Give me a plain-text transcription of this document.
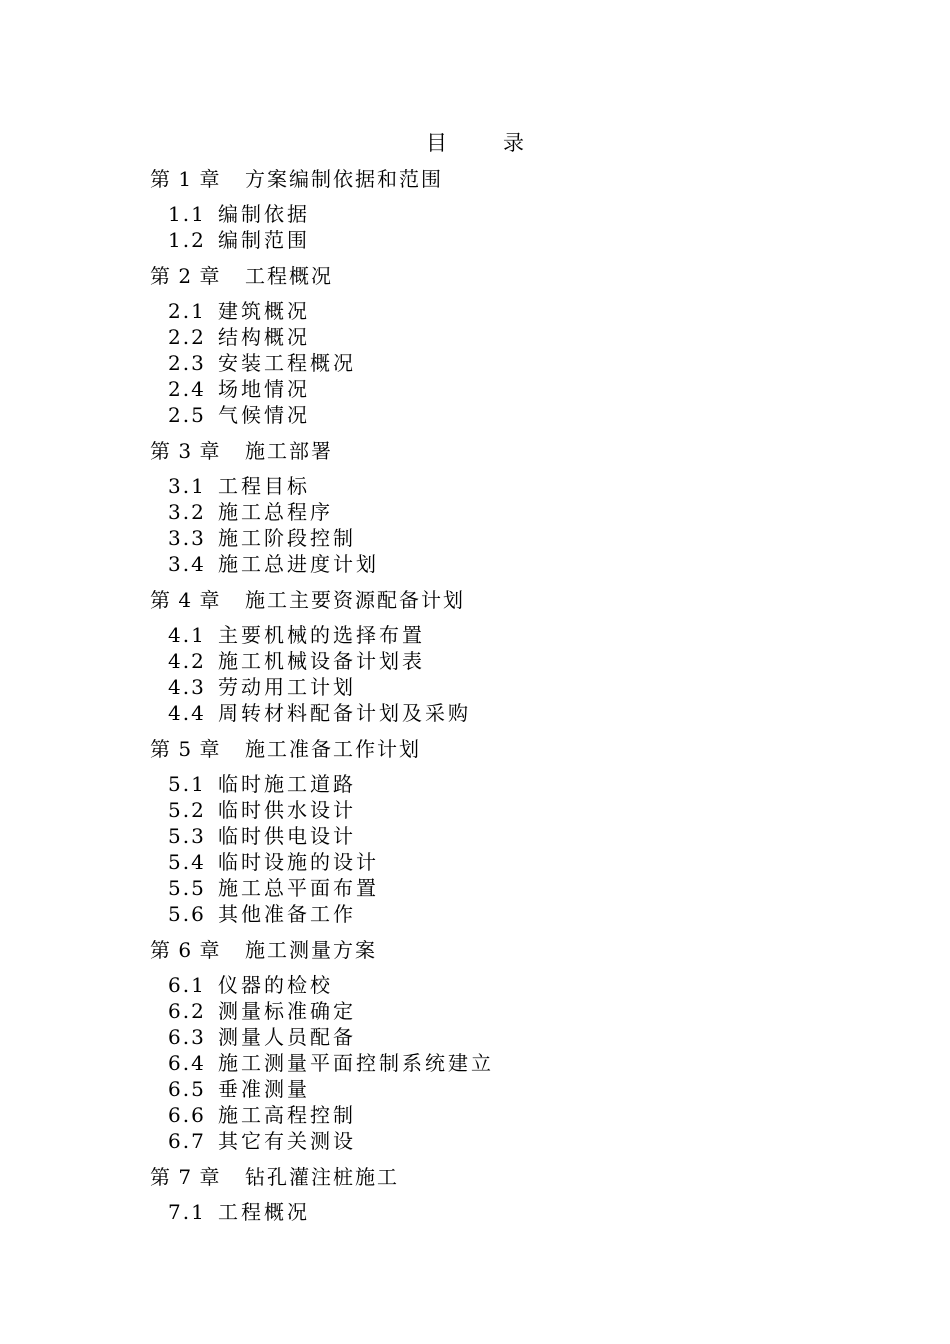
目	录
第 1 章 方案编制依据和范围
1.1 编制依据
1.2 编制范围
第 2 章 工程概况
2.1 建筑概况
2.2 结构概况
2.3 安装工程概况
2.4 场地情况
2.5 气候情况
第 3 章 施工部署
3.1 工程目标
3.2 施工总程序
3.3 施工阶段控制
3.4 施工总进度计划
第 4 章 施工主要资源配备计划
4.1 主要机械的选择布置
4.2 施工机械设备计划表
4.3 劳动用工计划
4.4 周转材料配备计划及采购
第 5 章 施工准备工作计划
5.1 临时施工道路
5.2 临时供水设计
5.3 临时供电设计
5.4 临时设施的设计
5.5 施工总平面布置
5.6 其他准备工作
第 6 章 施工测量方案
6.1 仪器的检校
6.2 测量标准确定
6.3 测量人员配备
6.4 施工测量平面控制系统建立
6.5 垂准测量
6.6 施工高程控制
6.7 其它有关测设
第 7 章 钻孔灌注桩施工
7.1 工程概况
